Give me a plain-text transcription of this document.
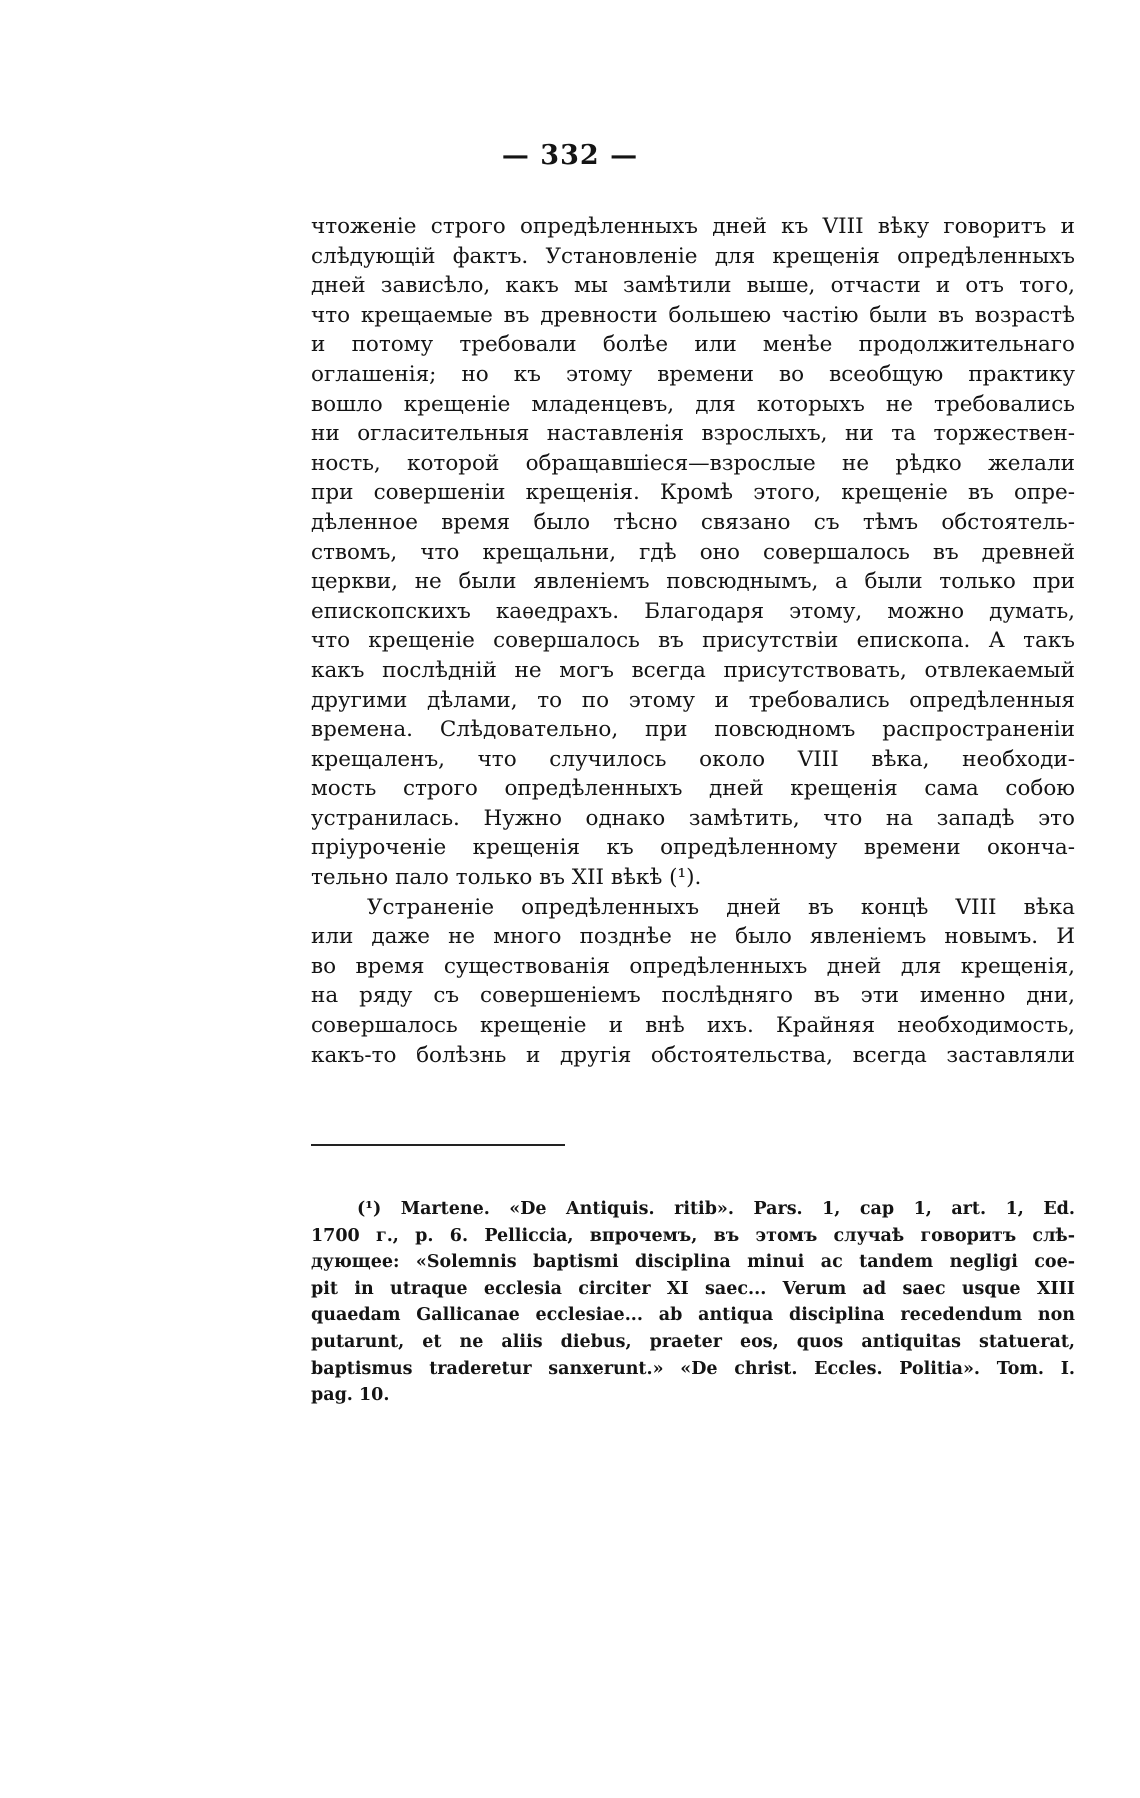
— 332 —
чтоженіе строго опредѣленныхъ дней къ VIII вѣку говоритъ и
слѣдующій фактъ. Установленіе для крещенія опредѣленныхъ
дней зависѣло, какъ мы замѣтили выше, отчасти и отъ того,
что крещаемые въ древности большею частію были въ возрастѣ
и потому требовали болѣе или менѣе продолжительнаго
оглашенія; но къ этому времени во всеобщую практику
вошло крещеніе младенцевъ, для которыхъ не требовались
ни огласительныя наставленія взрослыхъ, ни та торжествен-
ность, которой обращавшіеся—взрослые не рѣдко желали
при совершеніи крещенія. Кромѣ этого, крещеніе въ опре-
дѣленное время было тѣсно связано съ тѣмъ обстоятель-
ствомъ, что крещальни, гдѣ оно совершалось въ древней
церкви, не были явленіемъ повсюднымъ, а были только при
епископскихъ каѳедрахъ. Благодаря этому, можно думать,
что крещеніе совершалось въ присутствіи епископа. А такъ
какъ послѣдній не могъ всегда присутствовать, отвлекаемый
другими дѣлами, то по этому и требовались опредѣленныя
времена. Слѣдовательно, при повсюдномъ распространеніи
крещаленъ, что случилось около VIII вѣка, необходи-
мость строго опредѣленныхъ дней крещенія сама собою
устранилась. Нужно однако замѣтить, что на западѣ это
пріуроченіе крещенія къ опредѣленному времени оконча-
тельно пало только въ XII вѣкѣ (¹).
Устраненіе опредѣленныхъ дней въ концѣ VIII вѣка
или даже не много позднѣе не было явленіемъ новымъ. И
во время существованія опредѣленныхъ дней для крещенія,
на ряду съ совершеніемъ послѣдняго въ эти именно дни,
совершалось крещеніе и внѣ ихъ. Крайняя необходимость,
какъ-то болѣзнь и другія обстоятельства, всегда заставляли
(¹) Martene. «De Antiquis. ritib». Pars. 1, cap 1, art. 1, Ed.
1700 г., р. 6. Pelliccia, впрочемъ, въ этомъ случаѣ говоритъ слѣ-
дующее: «Solemnis baptismi disciplina minui ac tandem negligi coe-
pit in utraque ecclesia circiter XI saec... Verum ad saec usque XIII
quaedam Gallicanae ecclesiae... ab antiqua disciplina recedendum non
putarunt, et ne aliis diebus, praeter eos, quos antiquitas statuerat,
baptismus traderetur sanxerunt.» «De christ. Eccles. Politia». Tom. I.
pag. 10.
